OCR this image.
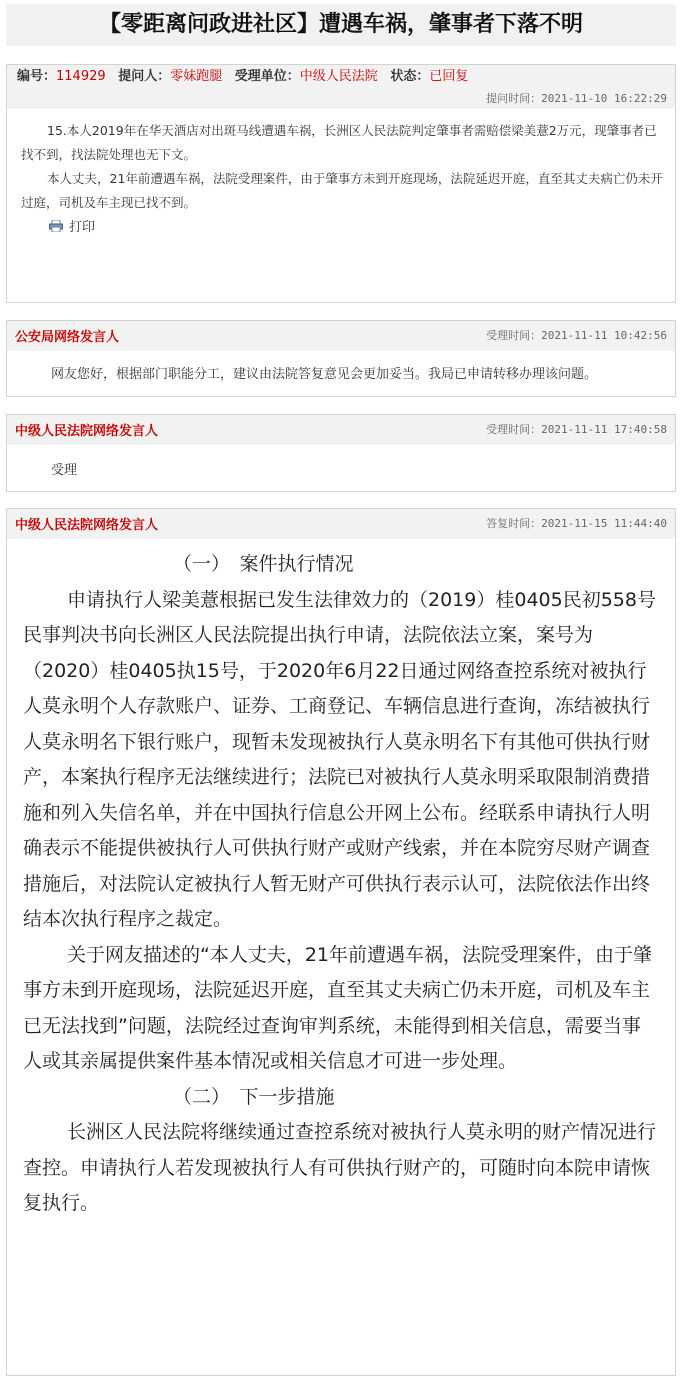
【零距离问政进社区】遭遇车祸，肇事者下落不明
编号：114929 提问人：零妹跑腿 受理单位：中级人民法院 状态：已回复
提问时间：2021-11-10 16:22:29

15.本人2019年在华天酒店对出斑马线遭遇车祸，长洲区人民法院判定肇事者需赔偿梁美薏2万元，现肇事者已找不到，找法院处理也无下文。

本人丈夫，21年前遭遇车祸，法院受理案件，由于肇事方未到开庭现场，法院延迟开庭，直至其丈夫病亡仍未开过庭，司机及车主现已找不到。

打印
公安局网络发言人	受理时间：2021-11-11 10:42:56
网友您好，根据部门职能分工，建议由法院答复意见会更加妥当。我局已申请转移办理该问题。
中级人民法院网络发言人	受理时间：2021-11-11 17:40:58
受理
中级人民法院网络发言人	答复时间：2021-11-15 11:44:40

（一）　案件执行情况

申请执行人梁美薏根据已发生法律效力的（2019）桂0405民初558号民事判决书向长洲区人民法院提出执行申请，法院依法立案，案号为（2020）桂0405执15号，于2020年6月22日通过网络查控系统对被执行人莫永明个人存款账户、证券、工商登记、车辆信息进行查询，冻结被执行人莫永明名下银行账户，现暂未发现被执行人莫永明名下有其他可供执行财产，本案执行程序无法继续进行；法院已对被执行人莫永明采取限制消费措施和列入失信名单，并在中国执行信息公开网上公布。经联系申请执行人明确表示不能提供被执行人可供执行财产或财产线索，并在本院穷尽财产调查措施后，对法院认定被执行人暂无财产可供执行表示认可，法院依法作出终结本次执行程序之裁定。

关于网友描述的“本人丈夫，21年前遭遇车祸，法院受理案件，由于肇事方未到开庭现场，法院延迟开庭，直至其丈夫病亡仍未开庭，司机及车主已无法找到”问题，法院经过查询审判系统，未能得到相关信息，需要当事人或其亲属提供案件基本情况或相关信息才可进一步处理。

（二）　下一步措施

长洲区人民法院将继续通过查控系统对被执行人莫永明的财产情况进行查控。申请执行人若发现被执行人有可供执行财产的，可随时向本院申请恢复执行。
